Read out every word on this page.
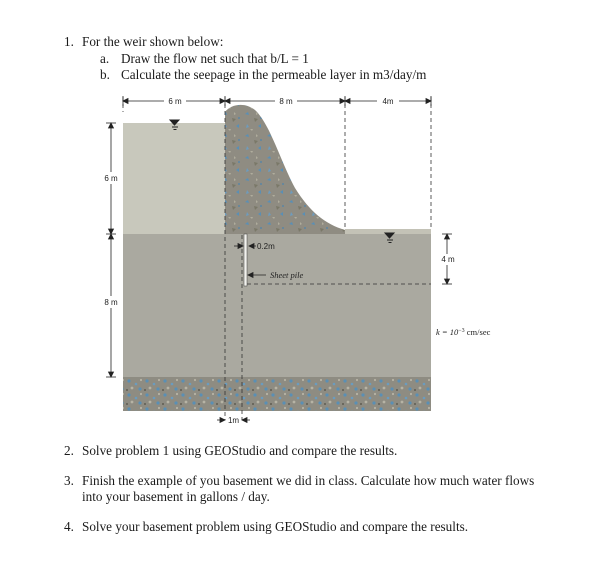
1. For the weir shown below:
a. Draw the flow net such that b/L = 1
b. Calculate the seepage in the permeable layer in m3/day/m
6 m	8 m	4m
6 m
8 m
4 m
0.2m
Sheet pile
1m
$k = 10^{-3}$ cm/sec
2. Solve problem 1 using GEOStudio and compare the results.
3. Finish the example of you basement we did in class. Calculate how much water flows
into your basement in gallons / day.
4. Solve your basement problem using GEOStudio and compare the results.
